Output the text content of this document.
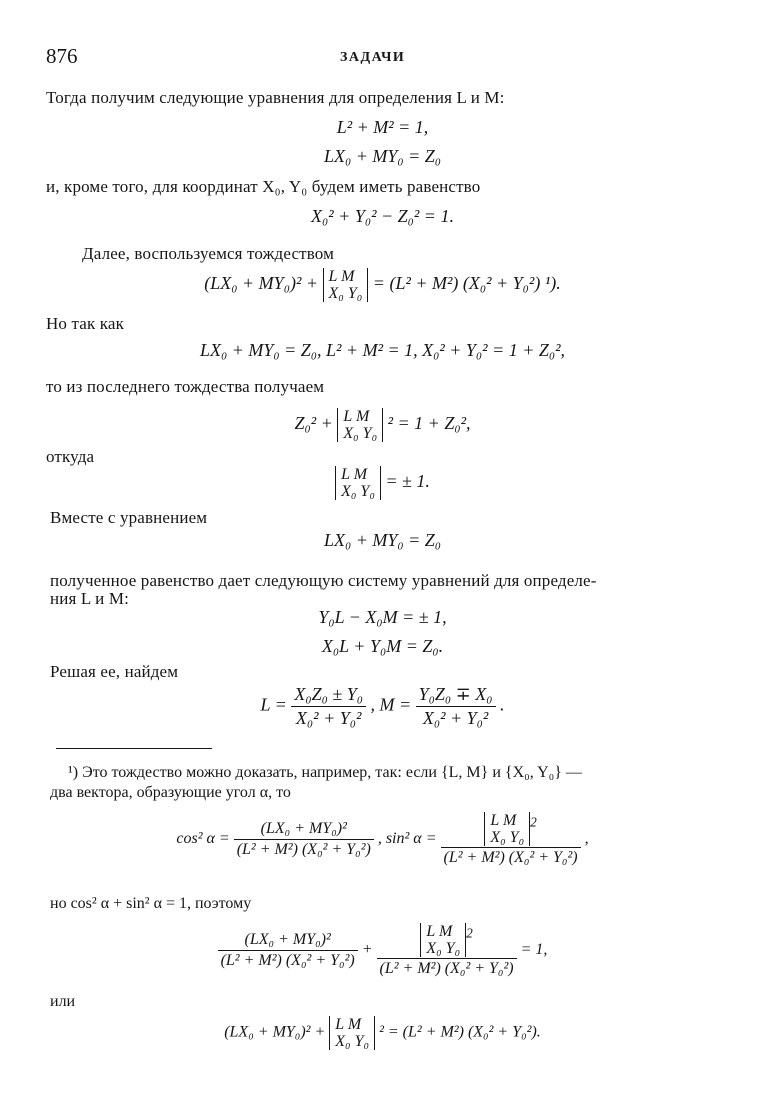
876	ЗАДАЧИ
Тогда получим следующие уравнения для определения L и M:
L² + M² = 1,
LX₀ + MY₀ = Z₀
и, кроме того, для координат X₀, Y₀ будем иметь равенство
X₀² + Y₀² − Z₀² = 1.
Далее, воспользуемся тождеством
(LX₀ + MY₀)² + L M
X₀ Y₀
= (L² + M²) (X₀² + Y₀²) ¹).
Но так как
LX₀ + MY₀ = Z₀, L² + M² = 1, X₀² + Y₀² = 1 + Z₀²,
то из последнего тождества получаем
Z₀² + L M
X₀ Y₀
² = 1 + Z₀²,
откуда
L M
X₀ Y₀
= ± 1.
Вместе с уравнением
LX₀ + MY₀ = Z₀
полученное равенство дает следующую систему уравнений для определе-
ния L и M:
Y₀L − X₀M = ± 1,
X₀L + Y₀M = Z₀.
Решая ее, найдем
$L = \frac{\text{X₀Z₀ ± Y₀}}{\text{X₀² + Y₀²}}$ , $M = \frac{\text{Y₀Z₀ ∓ X₀}}{\text{X₀² + Y₀²}}$ .
¹) Это тождество можно доказать, например, так: если {L, M} и {X₀, Y₀} —
два вектора, образующие угол α, то
cos² $\alpha = \frac{\text{(LX₀ + MY₀)²}}{\text{(L² + M²) (X₀² + Y₀²)}}$ , sin² α = L M
X₀ Y₀
$^2$
(L² + M²) (X₀² + Y₀²) ,
но cos² α + sin² α = 1, поэтому
$\frac{\text{(LX₀ + MY₀)²}}{\text{(L² + M²) (X₀² + Y₀²)}} + L$ M
X₀ Y₀
$^2$
(L² + M²) (X₀² + Y₀²) = 1,
или
(LX₀ + MY₀)² + L M
X₀ Y₀
² = (L² + M²) (X₀² + Y₀²).
